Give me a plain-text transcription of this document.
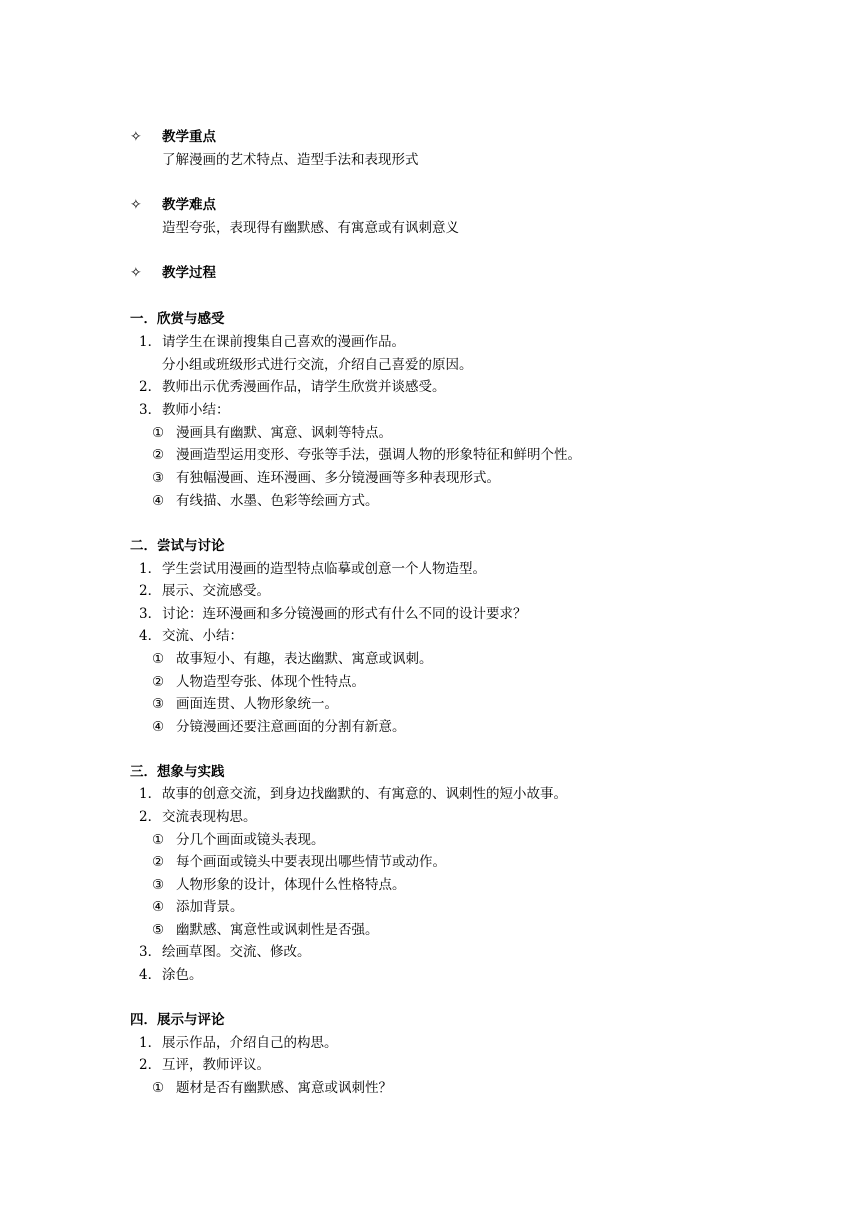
✧ 教学重点
了解漫画的艺术特点、造型手法和表现形式
✧ 教学难点
造型夸张，表现得有幽默感、有寓意或有讽刺意义
✧ 教学过程
一．欣赏与感受
1． 请学生在课前搜集自己喜欢的漫画作品。
分小组或班级形式进行交流，介绍自己喜爱的原因。
2． 教师出示优秀漫画作品，请学生欣赏并谈感受。
3． 教师小结：
① 漫画具有幽默、寓意、讽刺等特点。
② 漫画造型运用变形、夸张等手法，强调人物的形象特征和鲜明个性。
③ 有独幅漫画、连环漫画、多分镜漫画等多种表现形式。
④ 有线描、水墨、色彩等绘画方式。
二．尝试与讨论
1． 学生尝试用漫画的造型特点临摹或创意一个人物造型。
2． 展示、交流感受。
3． 讨论：连环漫画和多分镜漫画的形式有什么不同的设计要求？
4． 交流、小结：
① 故事短小、有趣，表达幽默、寓意或讽刺。
② 人物造型夸张、体现个性特点。
③ 画面连贯、人物形象统一。
④ 分镜漫画还要注意画面的分割有新意。
三．想象与实践
1． 故事的创意交流，到身边找幽默的、有寓意的、讽刺性的短小故事。
2． 交流表现构思。
① 分几个画面或镜头表现。
② 每个画面或镜头中要表现出哪些情节或动作。
③ 人物形象的设计，体现什么性格特点。
④ 添加背景。
⑤ 幽默感、寓意性或讽刺性是否强。
3． 绘画草图。交流、修改。
4． 涂色。
四．展示与评论
1． 展示作品，介绍自己的构思。
2． 互评，教师评议。
① 题材是否有幽默感、寓意或讽刺性？
